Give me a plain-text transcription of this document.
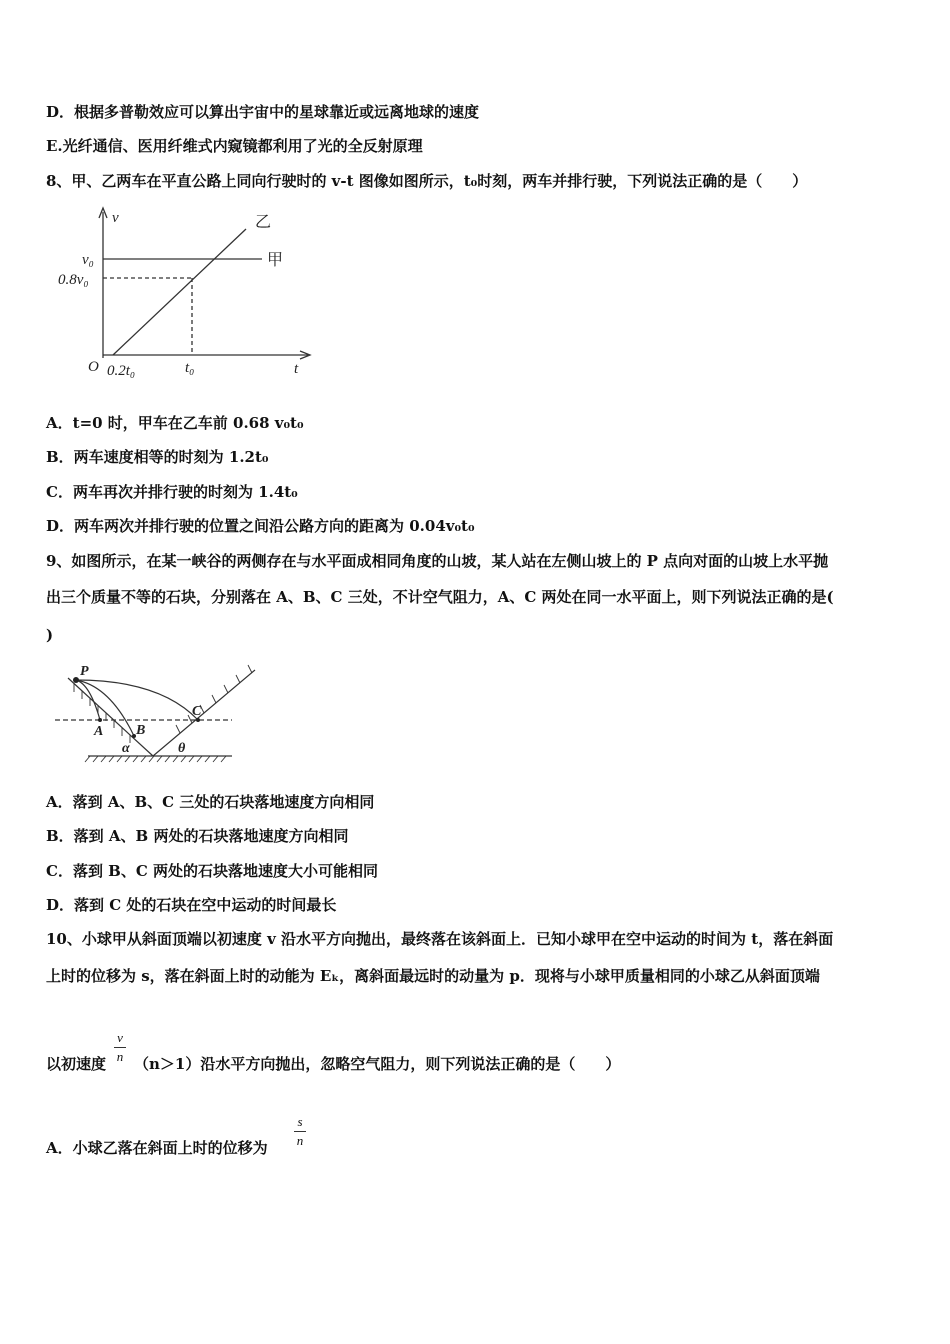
D．根据多普勒效应可以算出宇宙中的星球靠近或远离地球的速度
E.光纤通信、医用纤维式内窥镜都利用了光的全反射原理
8、甲、乙两车在平直公路上同向行驶时的 v-t 图像如图所示，t₀时刻，两车并排行驶，下列说法正确的是（　　）
v
t
O
v₀
0.8v₀
0.2t₀	t₀
甲
乙
A．t=0 时，甲车在乙车前 0.68 v₀t₀
B．两车速度相等的时刻为 1.2t₀
C．两车再次并排行驶的时刻为 1.4t₀
D．两车两次并排行驶的位置之间沿公路方向的距离为 0.04v₀t₀
9、如图所示，在某一峡谷的两侧存在与水平面成相同角度的山坡，某人站在左侧山坡上的 P 点向对面的山坡上水平抛
出三个质量不等的石块，分别落在 A、B、C 三处，不计空气阻力，A、C 两处在同一水平面上，则下列说法正确的是(
)
P
A B
C
α	θ
A．落到 A、B、C 三处的石块落地速度方向相同
B．落到 A、B 两处的石块落地速度方向相同
C．落到 B、C 两处的石块落地速度大小可能相同
D．落到 C 处的石块在空中运动的时间最长
10、小球甲从斜面顶端以初速度 v 沿水平方向抛出，最终落在该斜面上．已知小球甲在空中运动的时间为 t，落在斜面
上时的位移为 s，落在斜面上时的动能为 Eₖ，离斜面最远时的动量为 p．现将与小球甲质量相同的小球乙从斜面顶端
以初速度
v
n （n＞1）沿水平方向抛出，忽略空气阻力，则下列说法正确的是（　　）
A．小球乙落在斜面上时的位移为
s
n
